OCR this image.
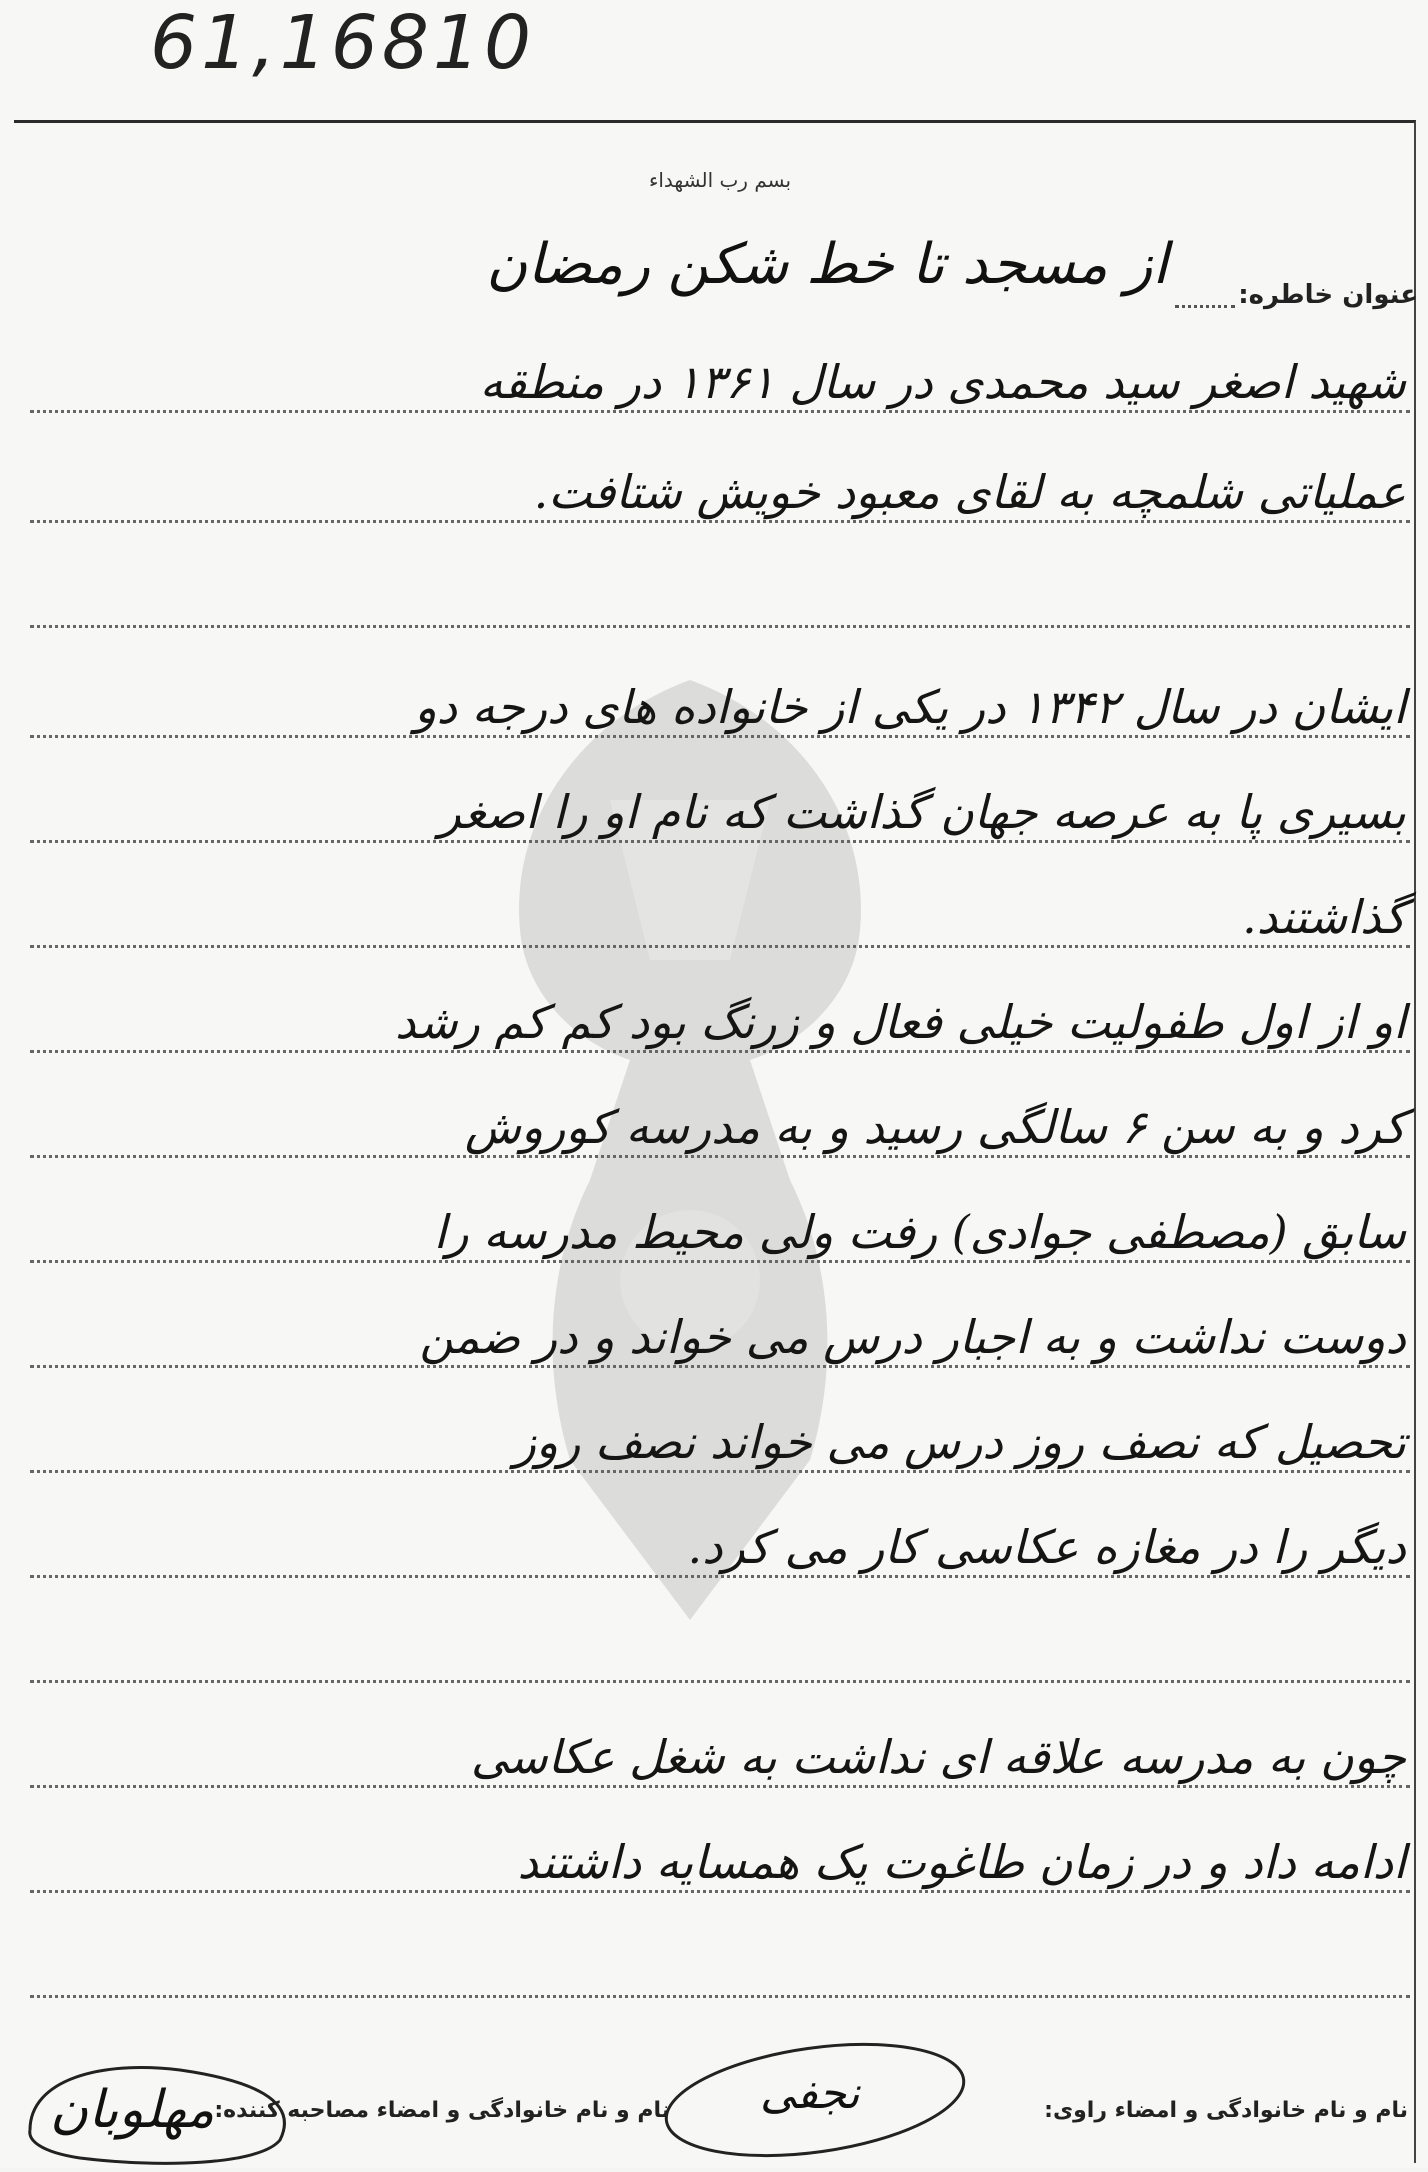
61,16810
بسم رب الشهداء
عنوان خاطره:
از مسجد تا خط شکن رمضان
شهید اصغر سید محمدی در سال ۱۳۶۱ در منطقه
عملیاتی شلمچه به لقای معبود خویش شتافت.
ایشان در سال ۱۳۴۲ در یکی از خانواده های درجه دو
بسیری پا به عرصه جهان گذاشت که نام او را اصغر
گذاشتند.
او از اول طفولیت خیلی فعال و زرنگ بود کم کم رشد
کرد و به سن ۶ سالگی رسید و به مدرسه کوروش
سابق (مصطفی جوادی) رفت ولی محیط مدرسه را
دوست نداشت و به اجبار درس می خواند و در ضمن
تحصیل که نصف روز درس می خواند نصف روز
دیگر را در مغازه عکاسی کار می کرد.
چون به مدرسه علاقه ای نداشت به شغل عکاسی
ادامه داد و در زمان طاغوت یک همسایه داشتند
نام و نام خانوادگی و امضاء راوی:
نام و نام خانوادگی و امضاء مصاحبه کننده:
مهلوبان	نجفی
